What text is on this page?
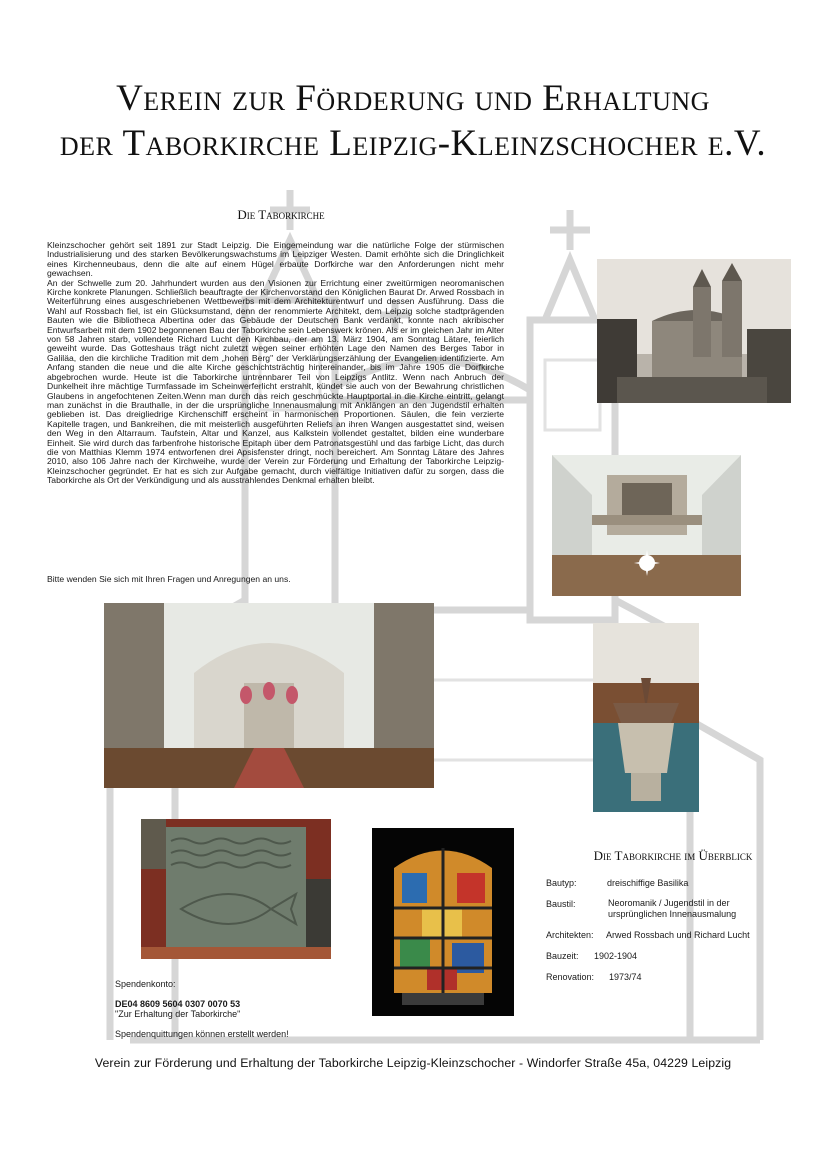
Verein zur Förderung und Erhaltung
der Taborkirche Leipzig-Kleinzschocher e.V.
Die Taborkirche

Kleinzschocher gehört seit 1891 zur Stadt Leipzig. Die Eingemeindung war die natürliche Folge der stürmischen Industrialisierung und des starken Bevölkerungswachstums im Leipziger Westen. Damit erhöhte sich die Dringlichkeit eines Kirchenneubaus, denn die alte auf einem Hügel erbaute Dorfkirche war den Anforderungen nicht mehr gewachsen.

An der Schwelle zum 20. Jahrhundert wurden aus den Visionen zur Errichtung einer zweitürmigen neoromanischen Kirche konkrete Planungen. Schließlich beauftragte der Kirchenvorstand den Königlichen Baurat Dr. Arwed Rossbach in Weiterführung eines ausgeschriebenen Wettbewerbs mit dem Architekturentwurf und dessen Ausführung. Dass die Wahl auf Rossbach fiel, ist ein Glücksumstand, denn der renommierte Architekt, dem Leipzig solche stadtprägenden Bauten wie die Bibliotheca Albertina oder das Gebäude der Deutschen Bank verdankt, konnte nach akribischer Entwurfsarbeit mit dem 1902 begonnenen Bau der Taborkirche sein Lebenswerk krönen. Als er im gleichen Jahr im Alter von 58 Jahren starb, vollendete Richard Lucht den Kirchbau, der am 13. März 1904, am Sonntag Lätare, feierlich geweiht wurde. Das Gotteshaus trägt nicht zuletzt wegen seiner erhöhten Lage den Namen des Berges Tabor in Galiläa, den die kirchliche Tradition mit dem „hohen Berg" der Verklärungserzählung der Evangelien identifizierte. Am Anfang standen die neue und die alte Kirche geschichtsträchtig hintereinander, bis im Jahre 1905 die Dorfkirche abgebrochen wurde. Heute ist die Taborkirche untrennbarer Teil von Leipzigs Antlitz. Wenn nach Anbruch der Dunkelheit ihre mächtige Turmfassade im Scheinwerferlicht erstrahlt, kündet sie auch von der Bewahrung christlichen Glaubens in angefochtenen Zeiten.Wenn man durch das reich geschmückte Hauptportal in die Kirche eintritt, gelangt man zunächst in die Brauthalle, in der die ursprüngliche Innenausmalung mit Anklängen an den Jugendstil erhalten geblieben ist. Das dreigliedrige Kirchenschiff erscheint in harmonischen Proportionen. Säulen, die fein verzierte Kapitelle tragen, und Bankreihen, die mit meisterlich ausgeführten Reliefs an ihren Wangen ausgestattet sind, weisen den Weg in den Altarraum. Taufstein, Altar und Kanzel, aus Kalkstein vollendet gestaltet, bilden eine wunderbare Einheit. Sie wird durch das farbenfrohe historische Epitaph über dem Patronatsgestühl und das farbige Licht, das durch die von Matthias Klemm 1974 entworfenen drei Apsisfenster dringt, noch bereichert. Am Sonntag Lätare des Jahres 2010, also 106 Jahre nach der Kirchweihe, wurde der Verein zur Förderung und Erhaltung der Taborkirche Leipzig-Kleinzschocher gegründet. Er hat es sich zur Aufgabe gemacht, durch vielfältige Initiativen dafür zu sorgen, dass die Taborkirche als Ort der Verkündigung und als ausstrahlendes Denkmal erhalten bleibt.

Bitte wenden Sie sich mit Ihren Fragen und Anregungen an uns.
Die Taborkirche im Überblick
Bautyp:	dreischiffige Basilika
Baustil:	Neoromanik / Jugendstil in der
ursprünglichen Innenausmalung
Architekten: Arwed Rossbach und Richard Lucht
Bauzeit: 1902-1904
Renovation: 1973/74
Spendenkonto:
DE04 8609 5604 0307 0070 53
"Zur Erhaltung der Taborkirche"
Spendenquittungen können erstellt werden!
Verein zur Förderung und Erhaltung der Taborkirche Leipzig-Kleinzschocher - Windorfer Straße 45a, 04229 Leipzig
